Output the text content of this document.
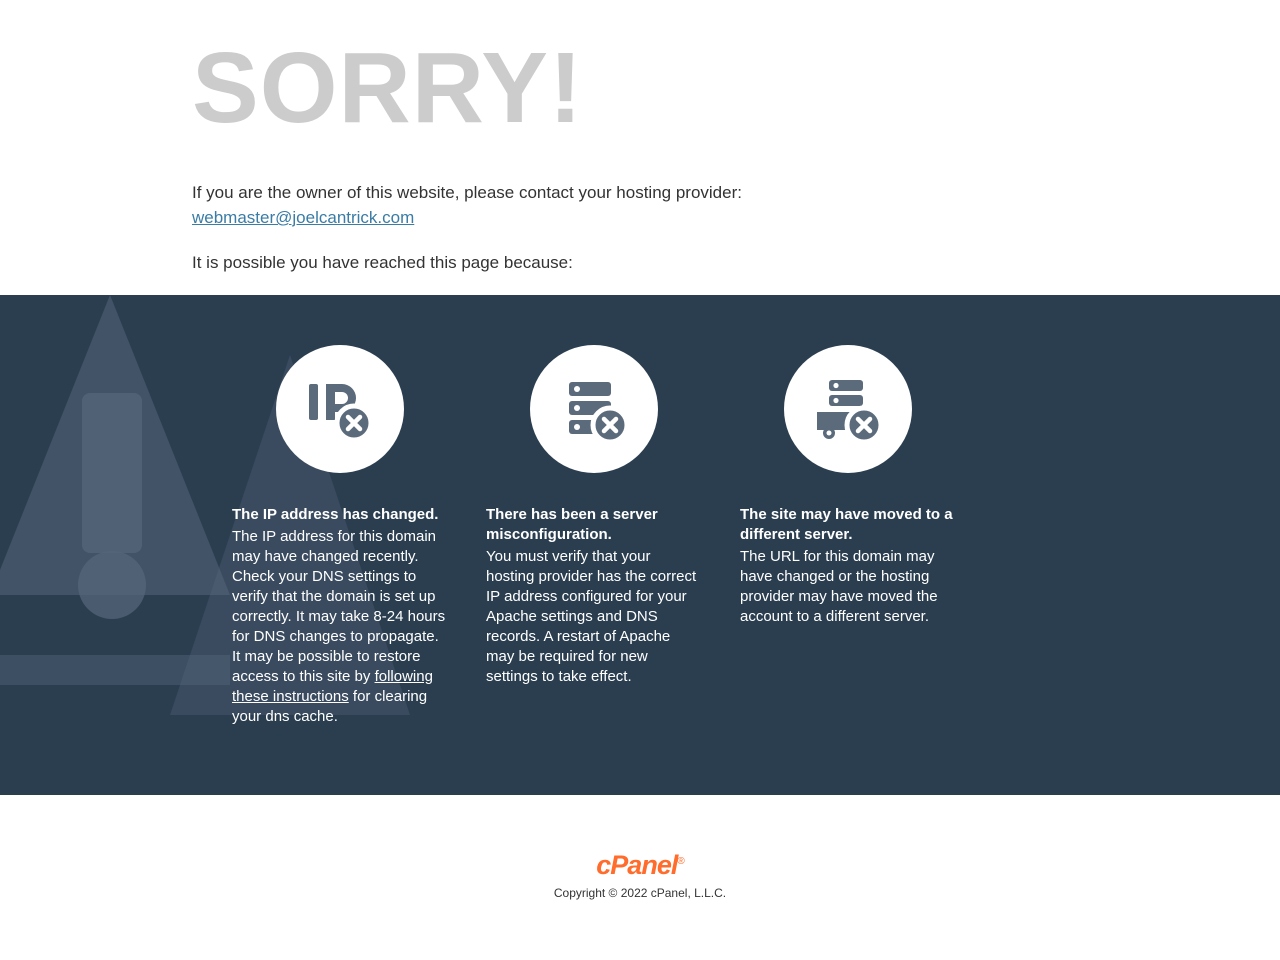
SORRY!
If you are the owner of this website, please contact your hosting provider:
webmaster@joelcantrick.com
It is possible you have reached this page because:
The IP address has changed.

The IP address for this domain may have changed recently. Check your DNS settings to verify that the domain is set up correctly. It may take 8-24 hours for DNS changes to propagate. It may be possible to restore access to this site by following these instructions for clearing your dns cache.

There has been a server misconfiguration.

You must verify that your hosting provider has the correct IP address configured for your Apache settings and DNS records. A restart of Apache may be required for new settings to take effect.

The site may have moved to a different server.

The URL for this domain may have changed or the hosting provider may have moved the account to a different server.

cPanel®
Copyright © 2022 cPanel, L.L.C.
